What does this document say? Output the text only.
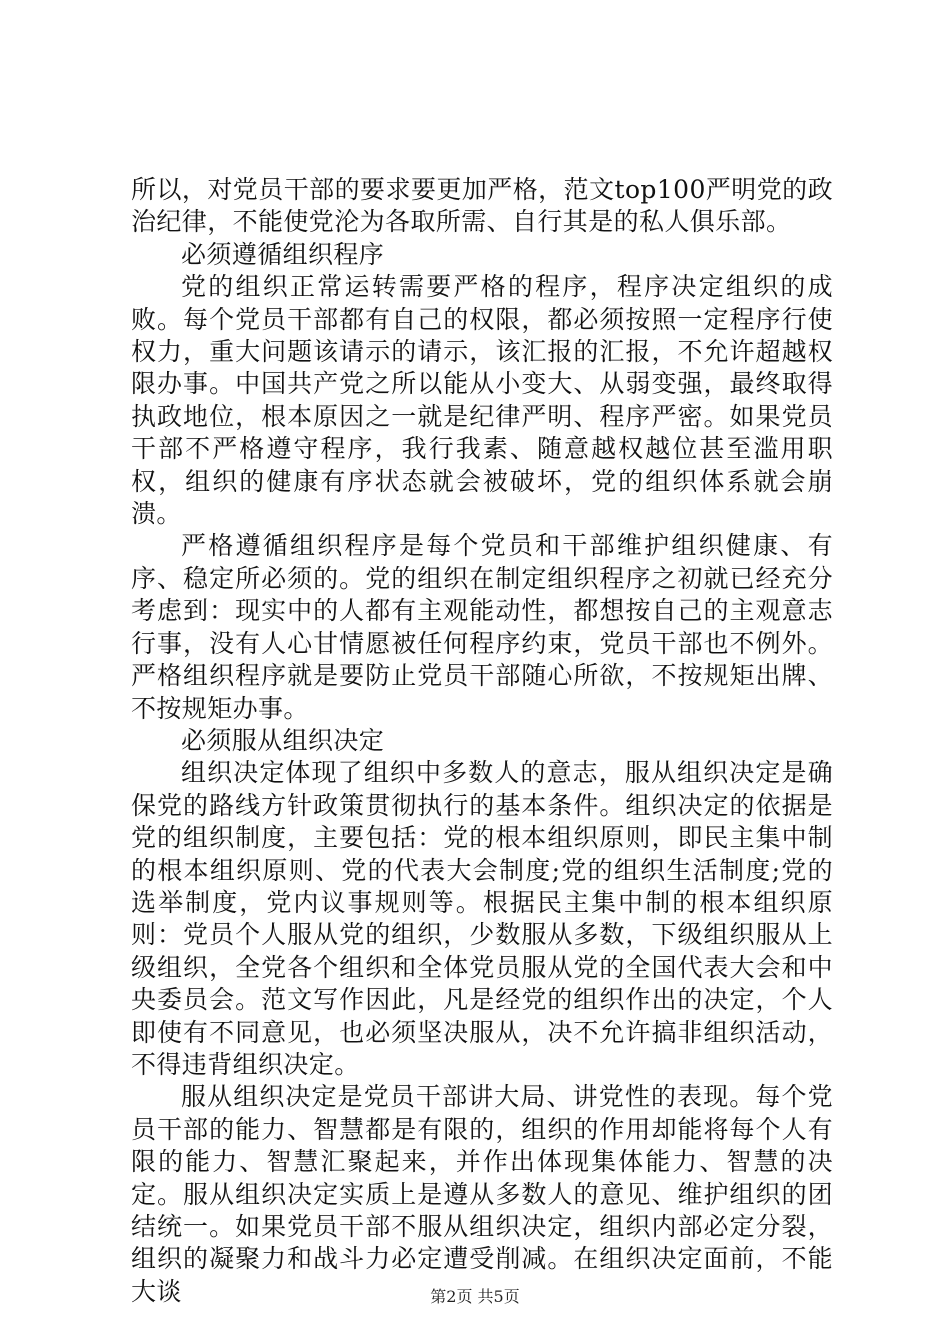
所以，对党员干部的要求要更加严格，范文top100严明党的政治纪律，不能使党沦为各取所需、自行其是的私人俱乐部。

必须遵循组织程序

党的组织正常运转需要严格的程序，程序决定组织的成败。每个党员干部都有自己的权限，都必须按照一定程序行使权力，重大问题该请示的请示，该汇报的汇报，不允许超越权限办事。中国共产党之所以能从小变大、从弱变强，最终取得执政地位，根本原因之一就是纪律严明、程序严密。如果党员干部不严格遵守程序，我行我素、随意越权越位甚至滥用职权，组织的健康有序状态就会被破坏，党的组织体系就会崩溃。

严格遵循组织程序是每个党员和干部维护组织健康、有序、稳定所必须的。党的组织在制定组织程序之初就已经充分考虑到：现实中的人都有主观能动性，都想按自己的主观意志行事，没有人心甘情愿被任何程序约束，党员干部也不例外。严格组织程序就是要防止党员干部随心所欲，不按规矩出牌、不按规矩办事。

必须服从组织决定

组织决定体现了组织中多数人的意志，服从组织决定是确保党的路线方针政策贯彻执行的基本条件。组织决定的依据是党的组织制度，主要包括：党的根本组织原则，即民主集中制的根本组织原则、党的代表大会制度;党的组织生活制度;党的选举制度，党内议事规则等。根据民主集中制的根本组织原则：党员个人服从党的组织，少数服从多数，下级组织服从上级组织，全党各个组织和全体党员服从党的全国代表大会和中央委员会。范文写作因此，凡是经党的组织作出的决定，个人即使有不同意见，也必须坚决服从，决不允许搞非组织活动，不得违背组织决定。

服从组织决定是党员干部讲大局、讲党性的表现。每个党员干部的能力、智慧都是有限的，组织的作用却能将每个人有限的能力、智慧汇聚起来，并作出体现集体能力、智慧的决定。服从组织决定实质上是遵从多数人的意见、维护组织的团结统一。如果党员干部不服从组织决定，组织内部必定分裂，组织的凝聚力和战斗力必定遭受削减。在组织决定面前，不能大谈	第2页 共5页
